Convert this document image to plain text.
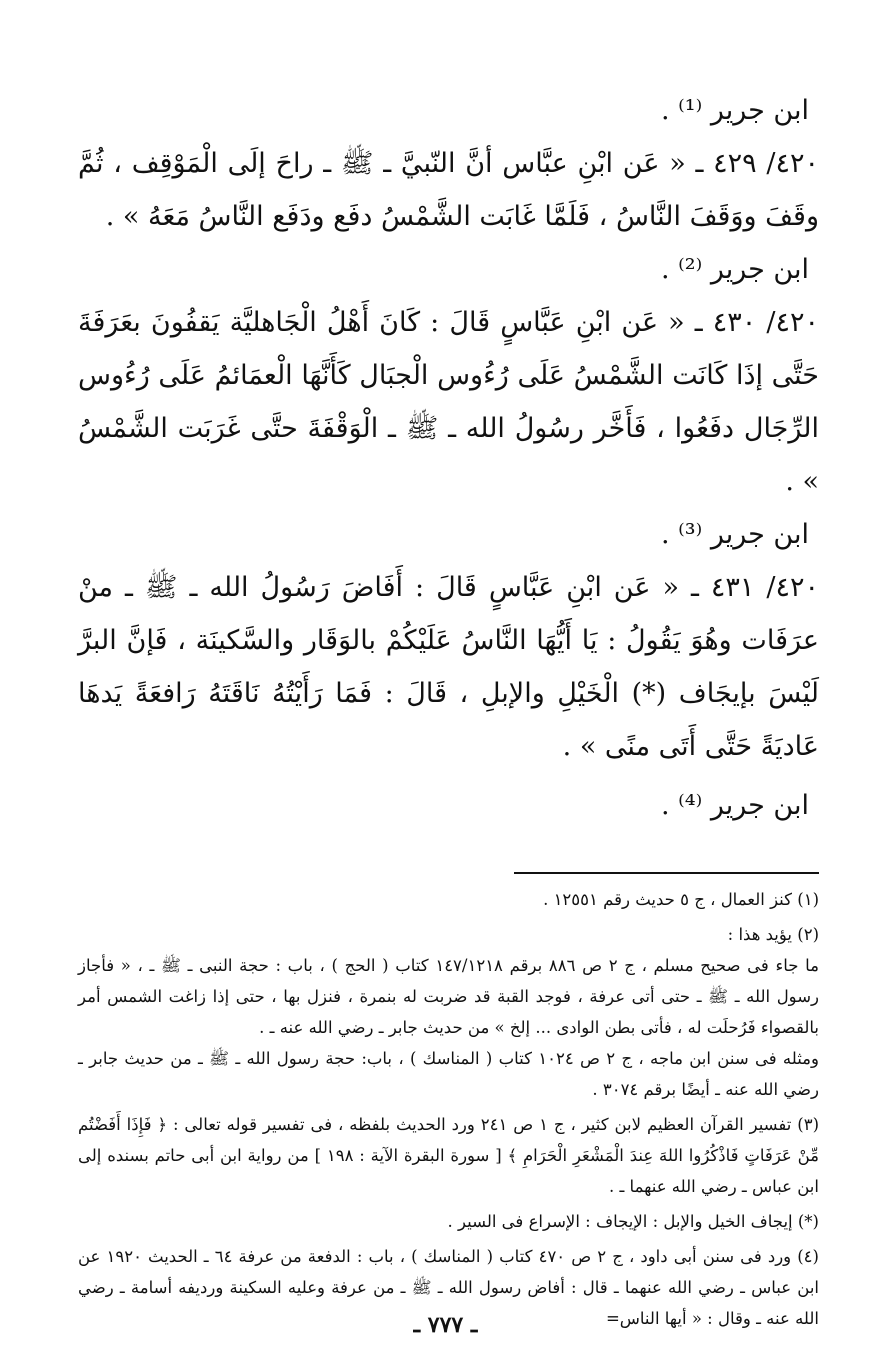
ابن جرير ⁽¹⁾ .

٤٢٠/ ٤٢٩ ـ « عَن ابْنِ عبَّاس أنَّ النّبيَّ ـ ﷺ ـ راحَ إلَى الْمَوْقِف ، ثُمَّ وقَفَ ووَقَفَ النَّاسُ ، فَلَمَّا غَابَت الشَّمْسُ دفَع ودَفَع النَّاسُ مَعَهُ » .

ابن جرير ⁽²⁾ .

٤٢٠/ ٤٣٠ ـ « عَن ابْنِ عَبَّاسٍ قَالَ : كَانَ أَهْلُ الْجَاهليَّة يَقفُونَ بعَرَفَةَ حَتَّى إذَا كَانَت الشَّمْسُ عَلَى رُءُوس الْجبَال كَأَنَّهَا الْعمَائمُ عَلَى رُءُوس الرِّجَال دفَعُوا ، فَأَخَّر رسُولُ الله ـ ﷺ ـ الْوَقْفَةَ حتَّى غَرَبَت الشَّمْسُ » .

ابن جرير ⁽³⁾ .

٤٢٠/ ٤٣١ ـ « عَن ابْنِ عَبَّاسٍ قَالَ : أَفَاضَ رَسُولُ الله ـ ﷺ ـ منْ عرَفَات وهُوَ يَقُولُ : يَا أَيُّهَا النَّاسُ عَلَيْكُمْ بالوَقَار والسَّكينَة ، فَإنَّ البرَّ لَيْسَ بإيجَاف (*) الْخَيْلِ والإبلِ ، قَالَ : فَمَا رَأَيْتُهُ نَاقَتَهُ رَافعَةً يَدهَا عَاديَةً حَتَّى أَتَى منًى » .

ابن جرير ⁽⁴⁾ .

(١) كنز العمال ، ج ٥ حديث رقم ١٢٥٥١ .

(٢) يؤيد هذا :

ما جاء فى صحيح مسلم ، ج ٢ ص ٨٨٦ برقم ١٤٧/١٢١٨ كتاب ( الحج ) ، باب : حجة النبى ـ ﷺ ـ ، « فأجاز رسول الله ـ ﷺ ـ حتى أتى عرفة ، فوجد القبة قد ضربت له بنمرة ، فنزل بها ، حتى إذا زاغت الشمس أمر بالقصواء فَرُحلَت له ، فأتى بطن الوادى ... إلخ » من حديث جابر ـ رضي الله عنه ـ .

ومثله فى سنن ابن ماجه ، ج ٢ ص ١٠٢٤ كتاب ( المناسك ) ، باب: حجة رسول الله ـ ﷺ ـ من حديث جابر ـ رضي الله عنه ـ أيضًا برقم ٣٠٧٤ .

(٣) تفسير القرآن العظيم لابن كثير ، ج ١ ص ٢٤١ ورد الحديث بلفظه ، فى تفسير قوله تعالى : ﴿ فَإِذَا أَفَضْتُم مِّنْ عَرَفَاتٍ فَاذْكُرُوا اللهَ عِندَ الْمَشْعَرِ الْحَرَامِ ﴾ [ سورة البقرة الآية : ١٩٨ ] من رواية ابن أبى حاتم بسنده إلى ابن عباس ـ رضي الله عنهما ـ .

(*) إيجاف الخيل والإبل : الإيجاف : الإسراع فى السير .

(٤) ورد فى سنن أبى داود ، ج ٢ ص ٤٧٠ كتاب ( المناسك ) ، باب : الدفعة من عرفة ٦٤ ـ الحديث ١٩٢٠ عن ابن عباس ـ رضي الله عنهما ـ قال : أفاض رسول الله ـ ﷺ ـ من عرفة وعليه السكينة ورديفه أسامة ـ رضي الله عنه ـ وقال : « أيها الناس=

ـ ٧٧٧ ـ
